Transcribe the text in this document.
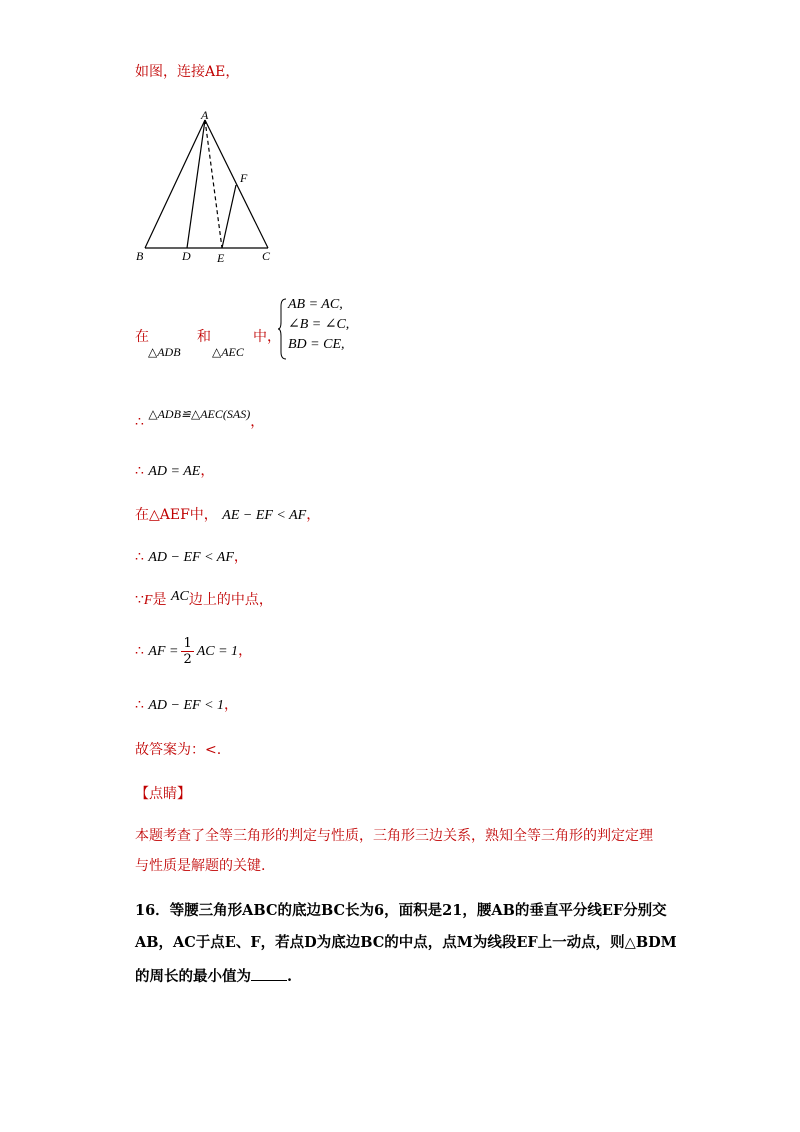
如图，连接AE，
A
B	D E	C
F
在	和	中，
△ADB	△AEC
AB = AC,
∠B = ∠C,
BD = CE,
∴ △ADB≌△AEC(SAS)，
∴ AD = AE，
在△AEF中， AE − EF < AF，
∴ AD − EF < AF，
∵F是 AC边上的中点，
∴ AF = $\frac{1}{2}$ AC = 1，
∴ AD − EF < 1，
故答案为：<.
【点睛】
本题考查了全等三角形的判定与性质，三角形三边关系，熟知全等三角形的判定定理
与性质是解题的关键.
16．等腰三角形ABC的底边BC长为6，面积是21，腰AB的垂直平分线EF分别交
AB，AC于点E、F，若点D为底边BC的中点，点M为线段EF上一动点，则△BDM
的周长的最小值为 .
